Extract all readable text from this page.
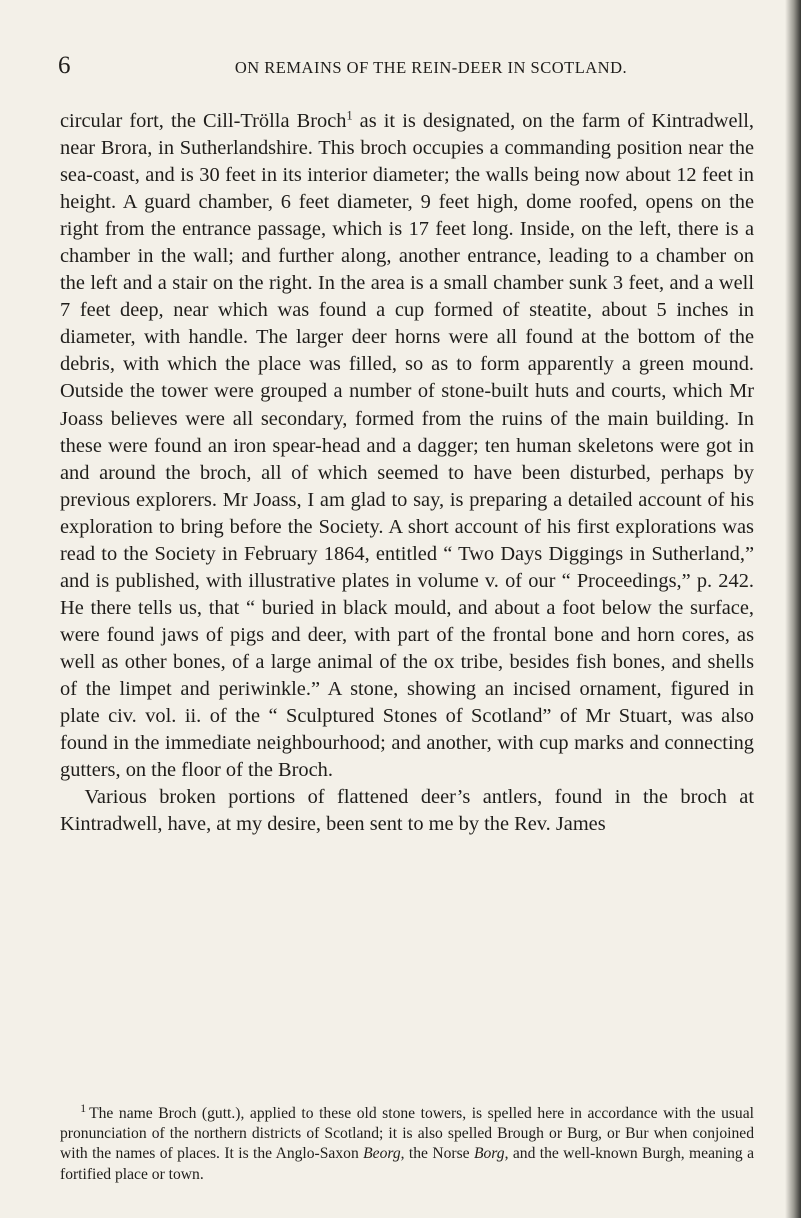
6	ON REMAINS OF THE REIN-DEER IN SCOTLAND.

circular fort, the Cill-Trölla Broch$^1$ as it is designated, on the farm of Kintradwell, near Brora, in Sutherlandshire. This broch occupies a commanding position near the sea-coast, and is 30 feet in its interior diameter; the walls being now about 12 feet in height. A guard chamber, 6 feet diameter, 9 feet high, dome roofed, opens on the right from the entrance passage, which is 17 feet long. Inside, on the left, there is a chamber in the wall; and further along, another entrance, leading to a chamber on the left and a stair on the right. In the area is a small chamber sunk 3 feet, and a well 7 feet deep, near which was found a cup formed of steatite, about 5 inches in diameter, with handle. The larger deer horns were all found at the bottom of the debris, with which the place was filled, so as to form apparently a green mound. Outside the tower were grouped a number of stone-built huts and courts, which Mr Joass believes were all secondary, formed from the ruins of the main building. In these were found an iron spear-head and a dagger; ten human skeletons were got in and around the broch, all of which seemed to have been disturbed, perhaps by previous explorers. Mr Joass, I am glad to say, is preparing a detailed account of his exploration to bring before the Society. A short account of his first explorations was read to the Society in February 1864, entitled “ Two Days Diggings in Sutherland,” and is published, with illustrative plates in volume v. of our “ Proceedings,” p. 242. He there tells us, that “ buried in black mould, and about a foot below the surface, were found jaws of pigs and deer, with part of the frontal bone and horn cores, as well as other bones, of a large animal of the ox tribe, besides fish bones, and shells of the limpet and periwinkle.” A stone, showing an incised ornament, figured in plate civ. vol. ii. of the “ Sculptured Stones of Scotland” of Mr Stuart, was also found in the immediate neighbourhood; and another, with cup marks and connecting gutters, on the floor of the Broch.

Various broken portions of flattened deer’s antlers, found in the broch at Kintradwell, have, at my desire, been sent to me by the Rev. James

$^1$ The name Broch (gutt.), applied to these old stone towers, is spelled here in accordance with the usual pronunciation of the northern districts of Scotland; it is also spelled Brough or Burg, or Bur when conjoined with the names of places. It is the Anglo-Saxon Beorg, the Norse Borg, and the well-known Burgh, meaning a fortified place or town.
